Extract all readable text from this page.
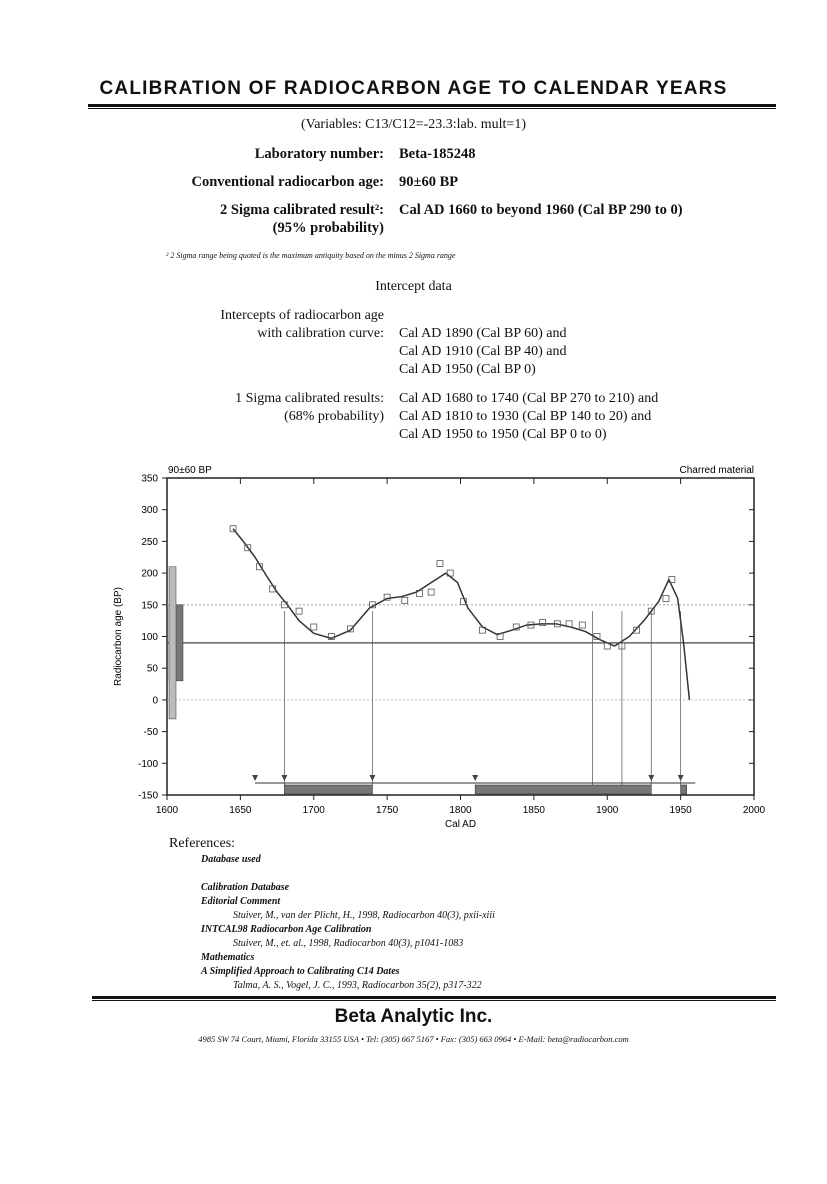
CALIBRATION OF RADIOCARBON AGE TO CALENDAR YEARS
(Variables: C13/C12=-23.3:lab. mult=1)
Laboratory number: Beta-185248
Conventional radiocarbon age: 90±60 BP
2 Sigma calibrated result²:
(95% probability)
Cal AD 1660 to beyond 1960 (Cal BP 290 to 0)
² 2 Sigma range being quoted is the maximum antiquity based on the minus 2 Sigma range
Intercept data
Intercepts of radiocarbon age
with calibration curve: Cal AD 1890 (Cal BP 60) and
Cal AD 1910 (Cal BP 40) and
Cal AD 1950 (Cal BP 0)
1 Sigma calibrated results:
(68% probability)
Cal AD 1680 to 1740 (Cal BP 270 to 210) and
Cal AD 1810 to 1930 (Cal BP 140 to 20) and
Cal AD 1950 to 1950 (Cal BP 0 to 0)
350
300
250
200
150
100
50
0
-50
-100
-150
1600	1650	1700	1750	1800	1850	1900	1950	2000
Cal AD
Radiocarbon age (BP)
90±60 BP	Charred material
References:
Database used
Calibration Database
Editorial Comment
Stuiver, M., van der Plicht, H., 1998, Radiocarbon 40(3), pxii-xiii
INTCAL98 Radiocarbon Age Calibration
Stuiver, M., et. al., 1998, Radiocarbon 40(3), p1041-1083
Mathematics
A Simplified Approach to Calibrating C14 Dates
Talma, A. S., Vogel, J. C., 1993, Radiocarbon 35(2), p317-322
Beta Analytic Inc.
4985 SW 74 Court, Miami, Florida 33155 USA • Tel: (305) 667 5167 • Fax: (305) 663 0964 • E-Mail: beta@radiocarbon.com
